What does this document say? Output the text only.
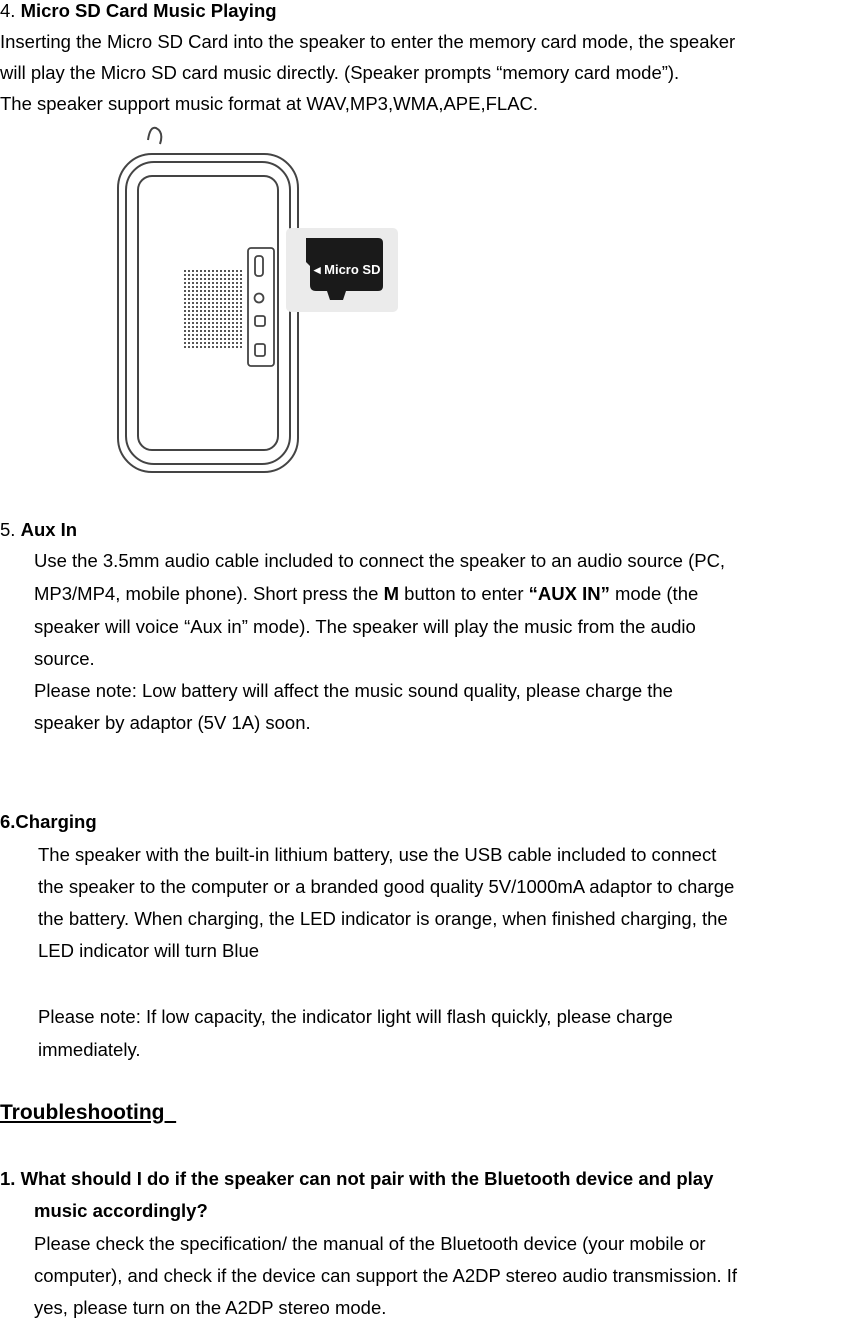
4. Micro SD Card Music Playing
Inserting the Micro SD Card into the speaker to enter the memory card mode, the speaker
will play the Micro SD card music directly. (Speaker prompts “memory card mode”).
The speaker support music format at WAV,MP3,WMA,APE,FLAC.
◂ Micro SD
5. Aux In
Use the 3.5mm audio cable included to connect the speaker to an audio source (PC,
MP3/MP4, mobile phone). Short press the M button to enter “AUX IN” mode (the
speaker will voice “Aux in” mode). The speaker will play the music from the audio
source.
Please note: Low battery will affect the music sound quality, please charge the
speaker by adaptor (5V 1A) soon.
6.Charging
The speaker with the built-in lithium battery, use the USB cable included to connect
the speaker to the computer or a branded good quality 5V/1000mA adaptor to charge
the battery. When charging, the LED indicator is orange, when finished charging, the
LED indicator will turn Blue
Please note: If low capacity, the indicator light will flash quickly, please charge
immediately.
Troubleshooting
1. What should I do if the speaker can not pair with the Bluetooth device and play
music accordingly?
Please check the specification/ the manual of the Bluetooth device (your mobile or
computer), and check if the device can support the A2DP stereo audio transmission. If
yes, please turn on the A2DP stereo mode.
